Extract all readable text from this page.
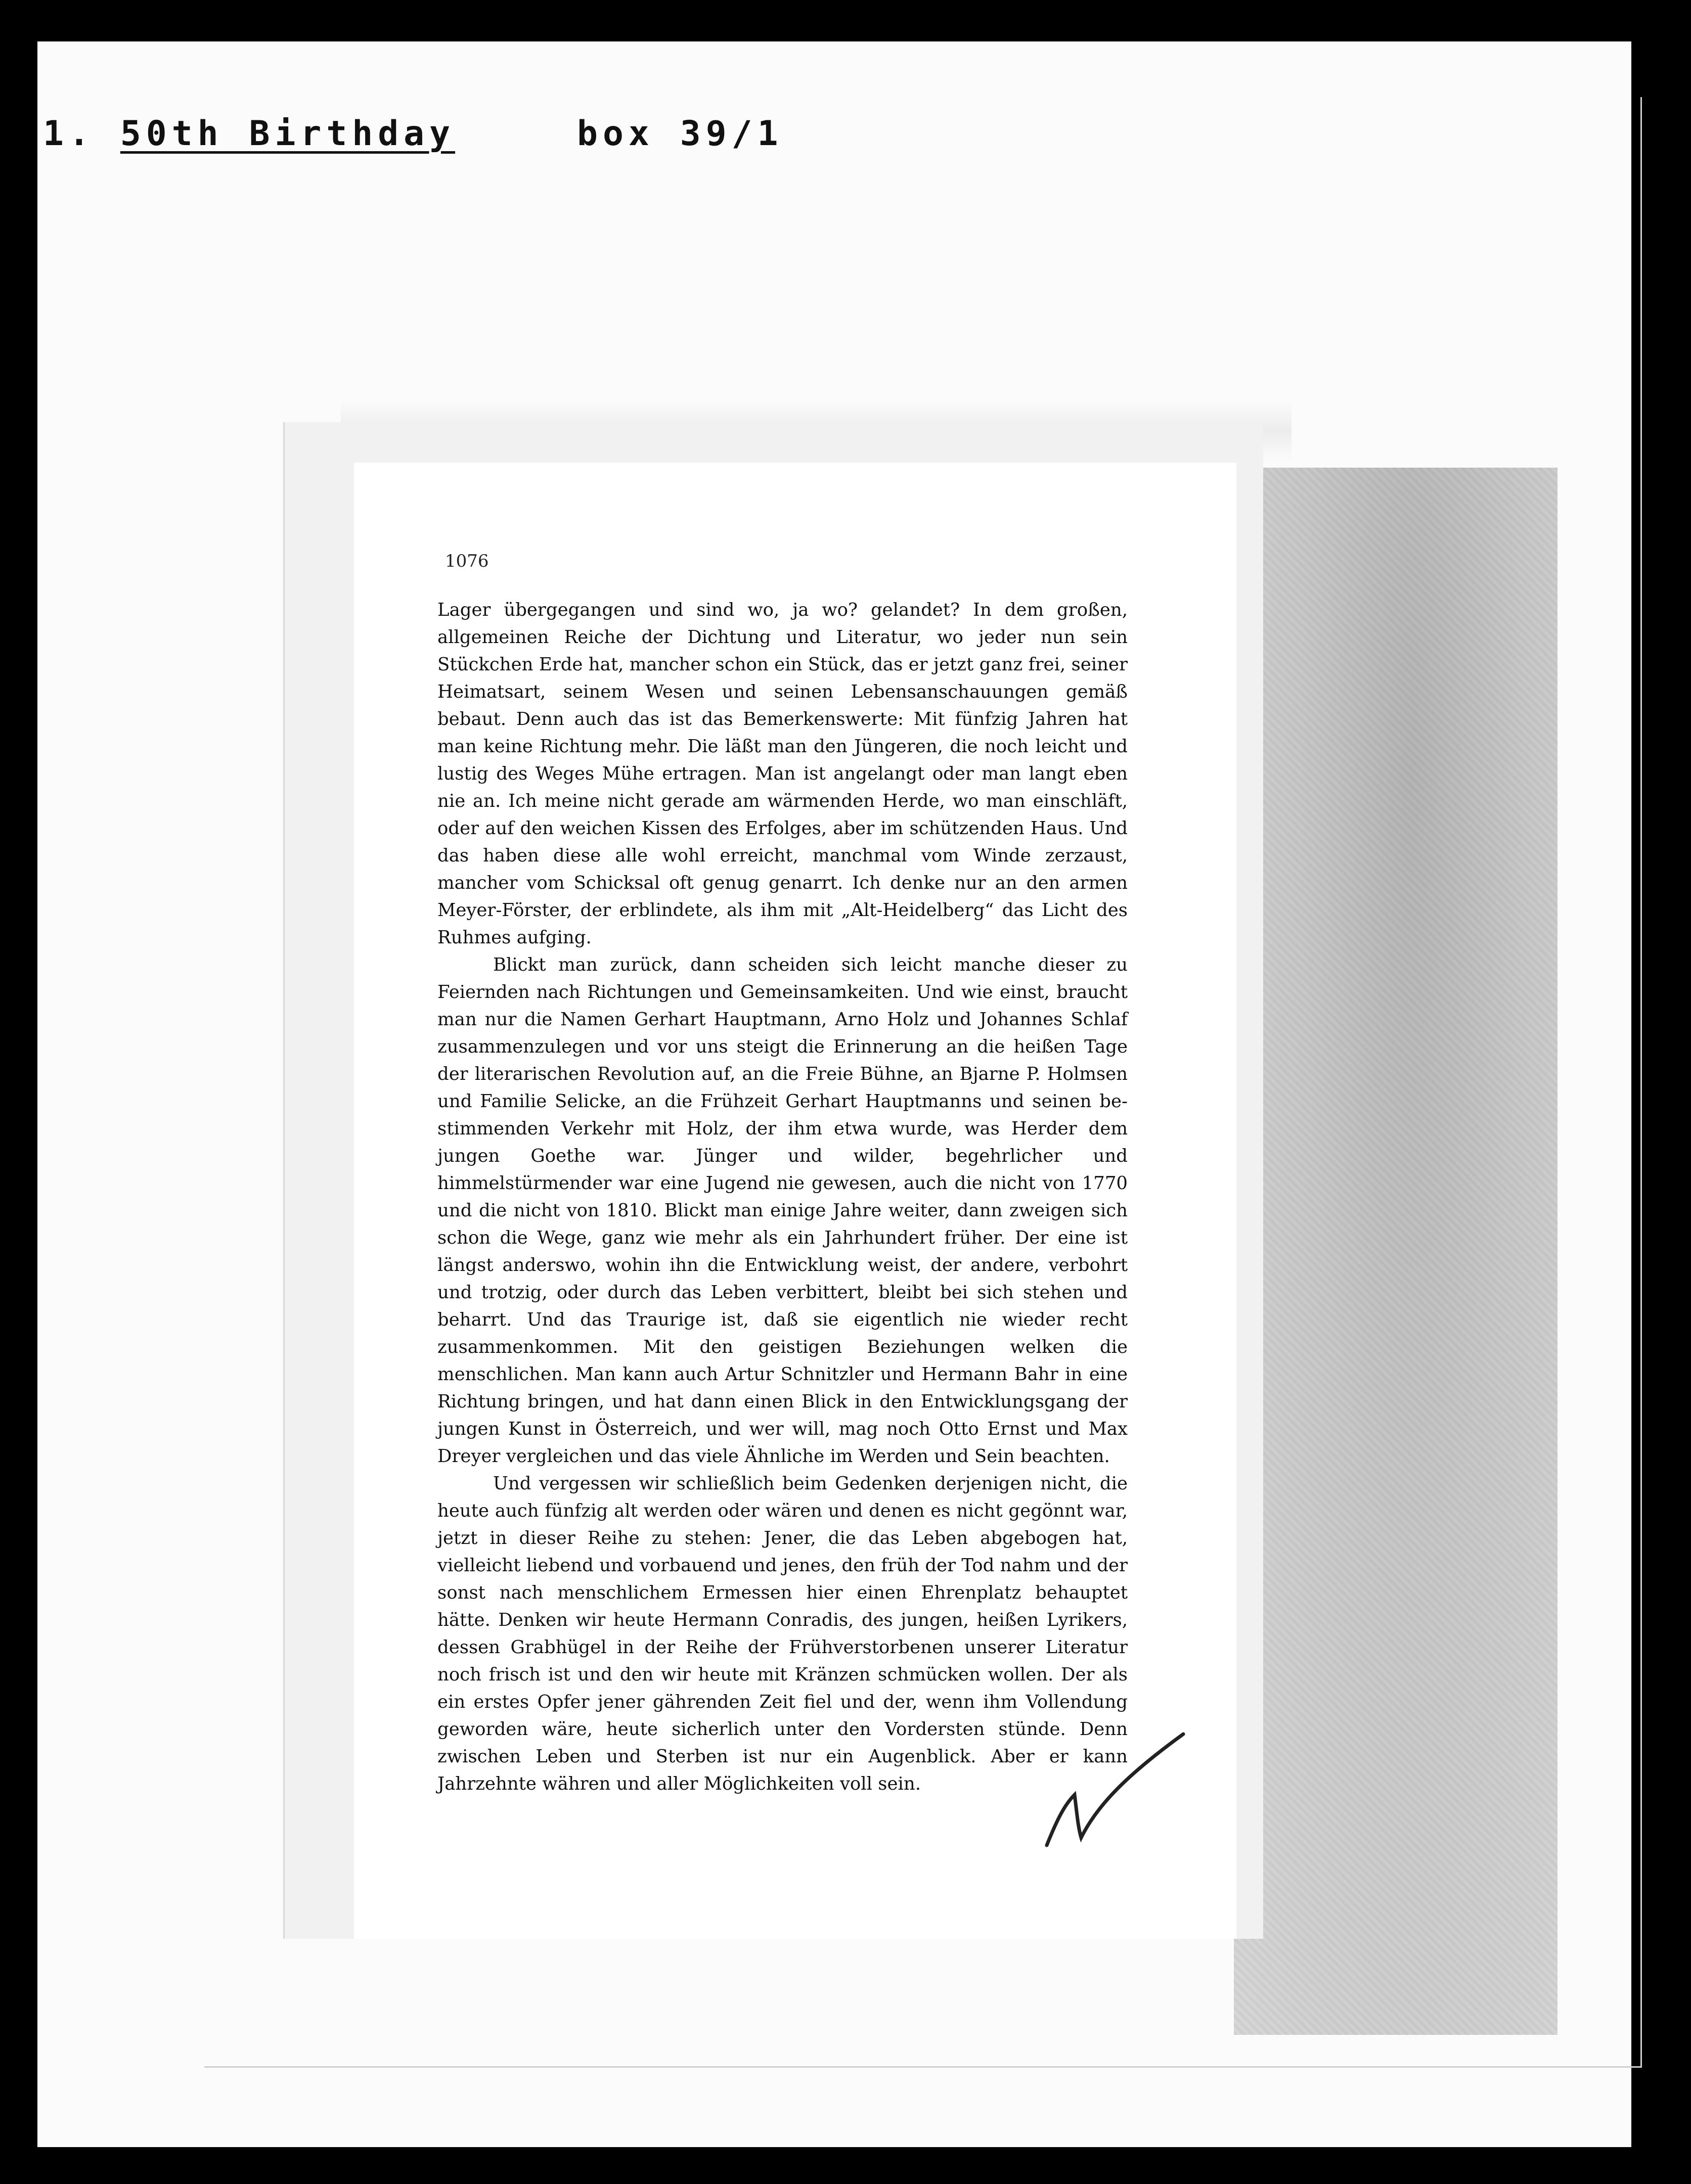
1. 50th Birthday	box 39/1
1076

Lager übergegangen und sind wo, ja wo? gelandet? In dem großen, allgemeinen Reiche der Dichtung und Literatur, wo jeder nun sein Stückchen Erde hat, mancher schon ein Stück, das er jetzt ganz frei, seiner Heimatsart, seinem Wesen und seinen Lebensanschauungen gemäß bebaut. Denn auch das ist das Bemerkenswerte: Mit fünfzig Jahren hat man keine Richtung mehr. Die läßt man den Jüngeren, die noch leicht und lustig des Weges Mühe ertragen. Man ist angelangt oder man langt eben nie an. Ich meine nicht gerade am wärmenden Herde, wo man einschläft, oder auf den weichen Kissen des Erfolges, aber im schützenden Haus. Und das haben diese alle wohl erreicht, manchmal vom Winde zerzaust, mancher vom Schicksal oft genug genarrt. Ich denke nur an den armen Meyer-Förster, der erblindete, als ihm mit „Alt-Heidelberg“ das Licht des Ruhmes aufging.

Blickt man zurück, dann scheiden sich leicht manche dieser zu Feiernden nach Richtungen und Gemeinsamkeiten. Und wie einst, braucht man nur die Namen Gerhart Hauptmann, Arno Holz und Johannes Schlaf zusammenzulegen und vor uns steigt die Erinnerung an die heißen Tage der literarischen Revolution auf, an die Freie Bühne, an Bjarne P. Holmsen und Familie Selicke, an die Frühzeit Gerhart Hauptmanns und seinen bestimmenden Verkehr mit Holz, der ihm etwa wurde, was Herder dem jungen Goethe war. Jünger und wilder, begehrlicher und himmelstürmender war eine Jugend nie gewesen, auch die nicht von 1770 und die nicht von 1810. Blickt man einige Jahre weiter, dann zweigen sich schon die Wege, ganz wie mehr als ein Jahrhundert früher. Der eine ist längst anderswo, wohin ihn die Entwicklung weist, der andere, verbohrt und trotzig, oder durch das Leben verbittert, bleibt bei sich stehen und beharrt. Und das Traurige ist, daß sie eigentlich nie wieder recht zusammenkommen. Mit den geistigen Beziehungen welken die menschlichen. Man kann auch Artur Schnitzler und Hermann Bahr in eine Richtung bringen, und hat dann einen Blick in den Entwicklungsgang der jungen Kunst in Österreich, und wer will, mag noch Otto Ernst und Max Dreyer vergleichen und das viele Ähnliche im Werden und Sein beachten.

Und vergessen wir schließlich beim Gedenken derjenigen nicht, die heute auch fünfzig alt werden oder wären und denen es nicht gegönnt war, jetzt in dieser Reihe zu stehen: Jener, die das Leben abgebogen hat, vielleicht liebend und vorbauend und jenes, den früh der Tod nahm und der sonst nach menschlichem Ermessen hier einen Ehrenplatz behauptet hätte. Denken wir heute Hermann Conradis, des jungen, heißen Lyrikers, dessen Grabhügel in der Reihe der Frühverstorbenen unserer Literatur noch frisch ist und den wir heute mit Kränzen schmücken wollen. Der als ein erstes Opfer jener gährenden Zeit fiel und der, wenn ihm Vollendung geworden wäre, heute sicherlich unter den Vordersten stünde. Denn zwischen Leben und Sterben ist nur ein Augenblick. Aber er kann Jahrzehnte währen und aller Möglichkeiten voll sein.
